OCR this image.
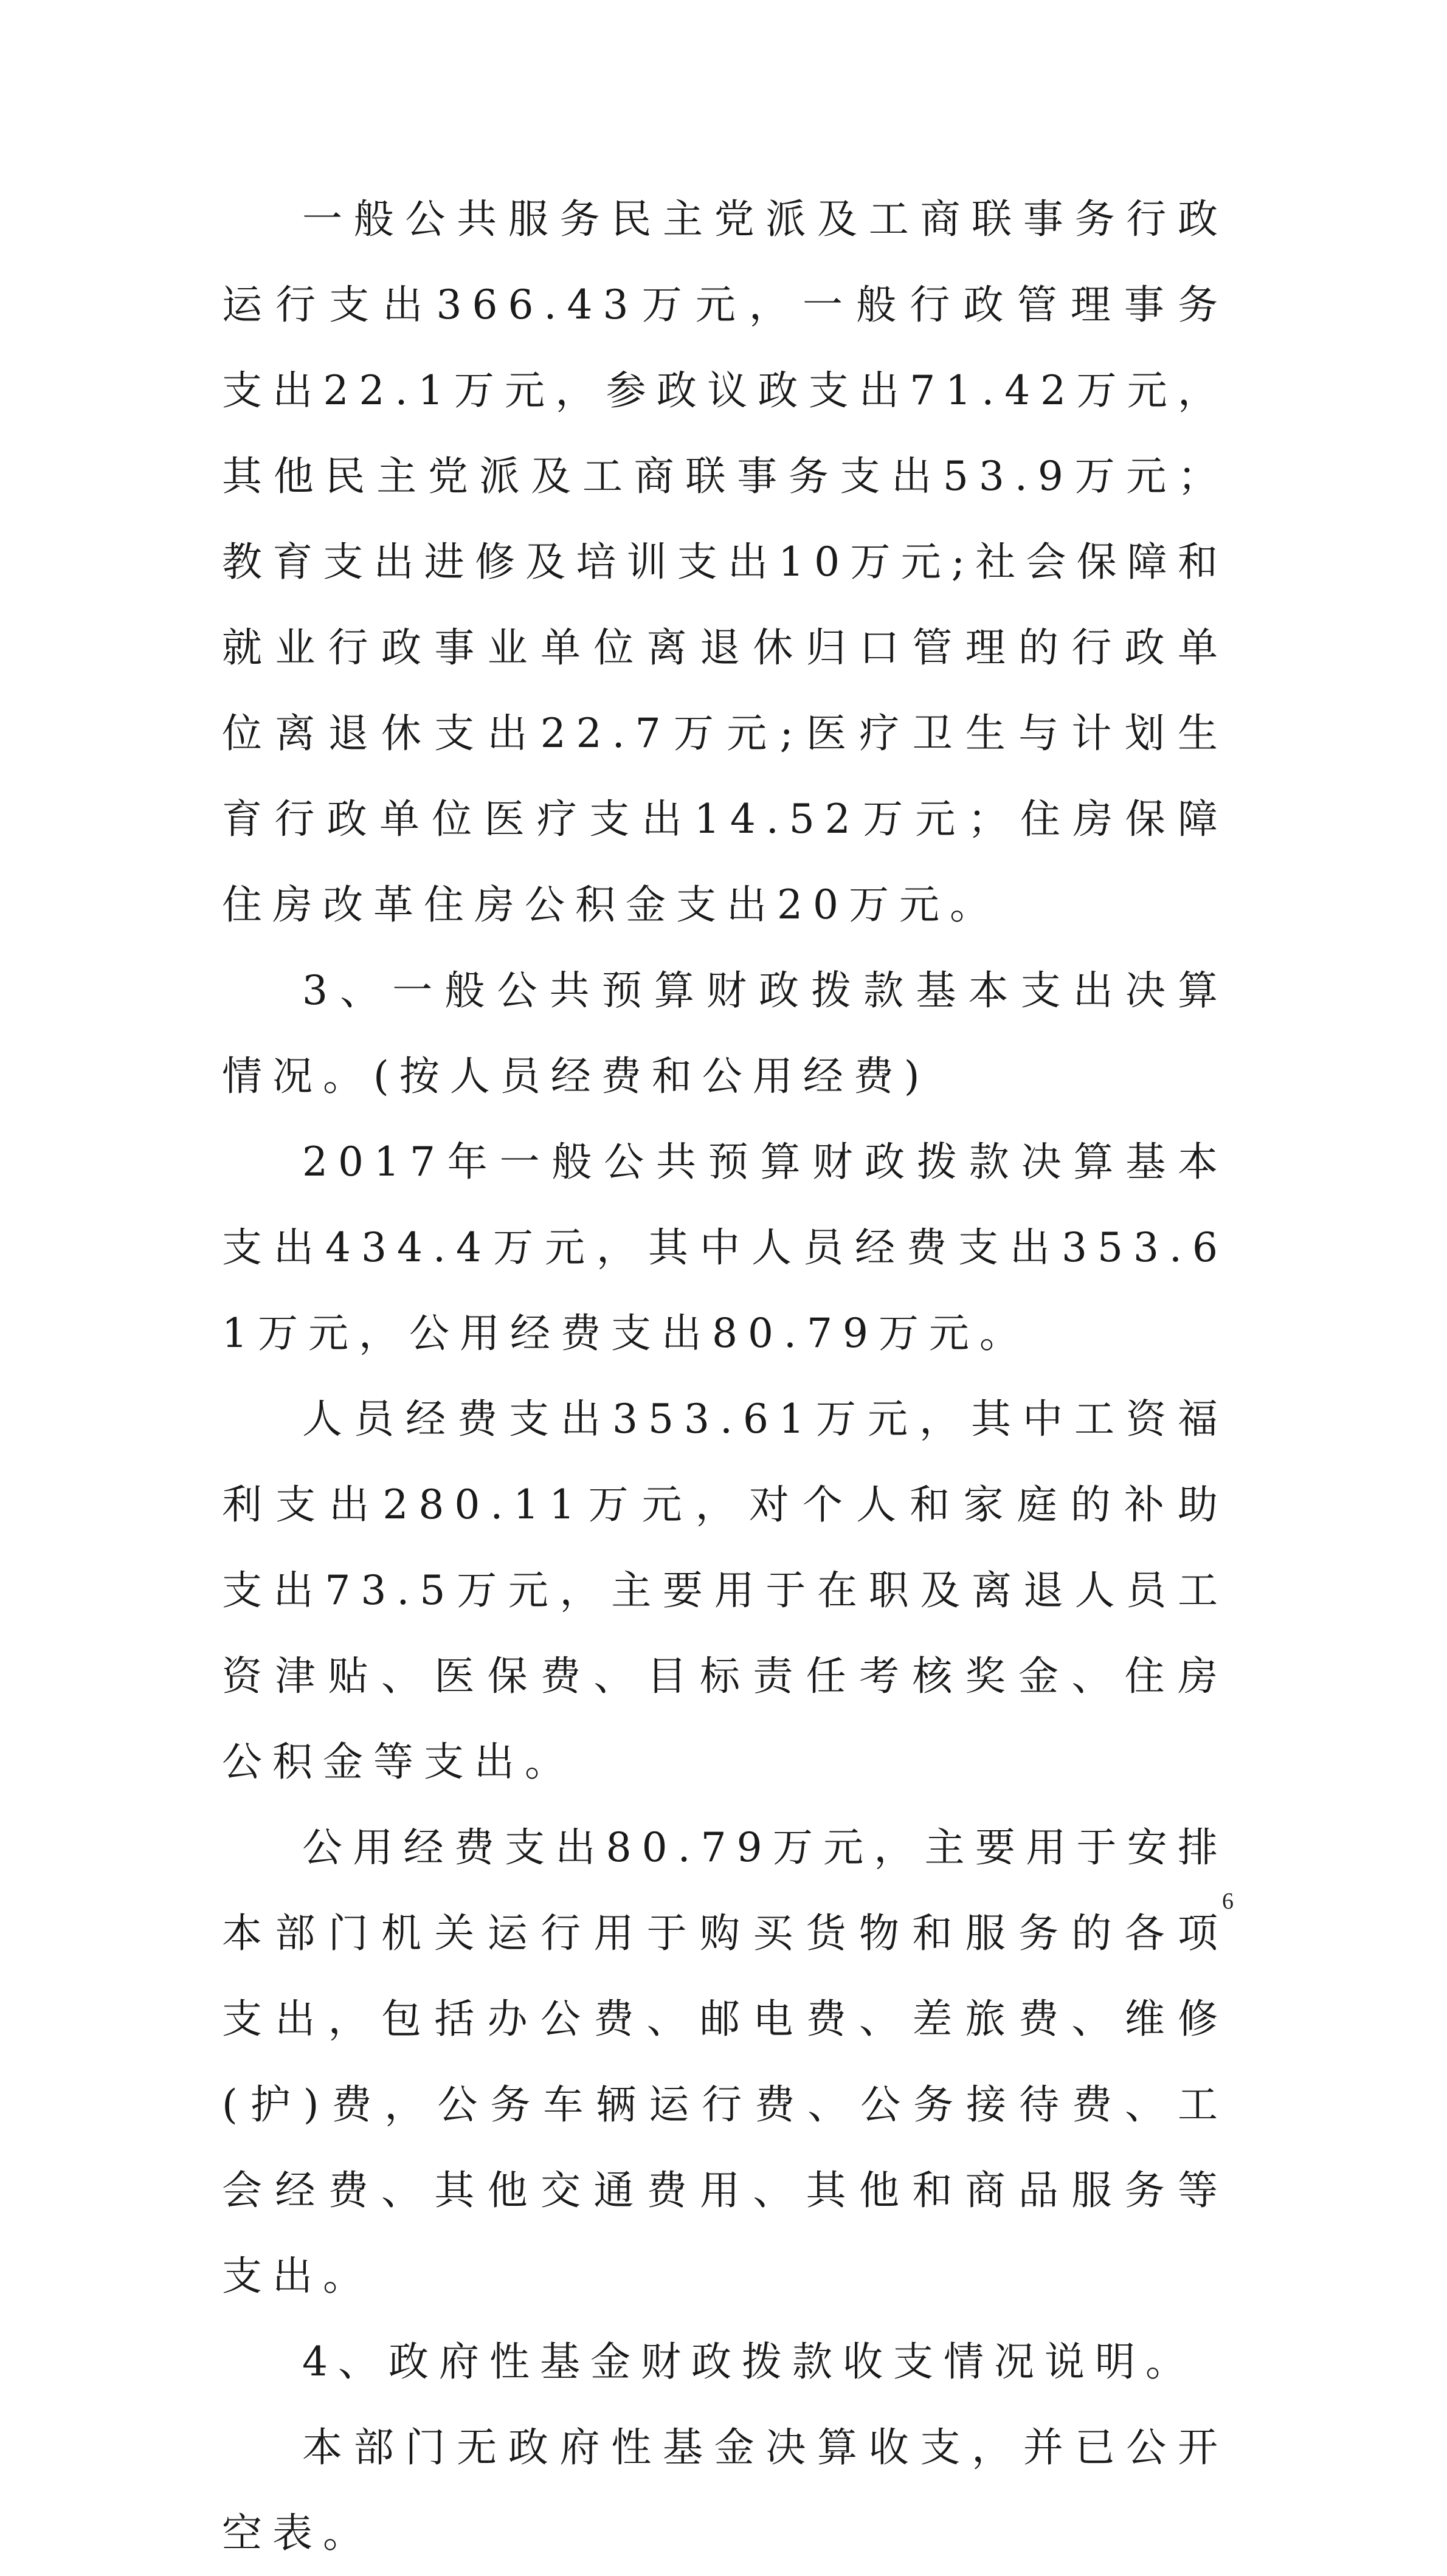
一般公共服务民主党派及工商联事务行政运行支出366.43万元，一般行政管理事务支出22.1万元，参政议政支出71.42万元，其他民主党派及工商联事务支出53.9万元；教育支出进修及培训支出10万元;社会保障和就业行政事业单位离退休归口管理的行政单位离退休支出22.7万元;医疗卫生与计划生育行政单位医疗支出14.52万元；住房保障住房改革住房公积金支出20万元。

3、一般公共预算财政拨款基本支出决算情况。(按人员经费和公用经费)

2017年一般公共预算财政拨款决算基本支出434.4万元，其中人员经费支出353.61万元，公用经费支出80.79万元。

人员经费支出353.61万元，其中工资福利支出280.11万元，对个人和家庭的补助支出73.5万元，主要用于在职及离退人员工资津贴、医保费、目标责任考核奖金、住房公积金等支出。

公用经费支出80.79万元，主要用于安排本部门机关运行用于购买货物和服务的各项支出，包括办公费、邮电费、差旅费、维修(护)费，公务车辆运行费、公务接待费、工会经费、其他交通费用、其他和商品服务等支出。

4、政府性基金财政拨款收支情况说明。

本部门无政府性基金决算收支，并已公开空表。

6
